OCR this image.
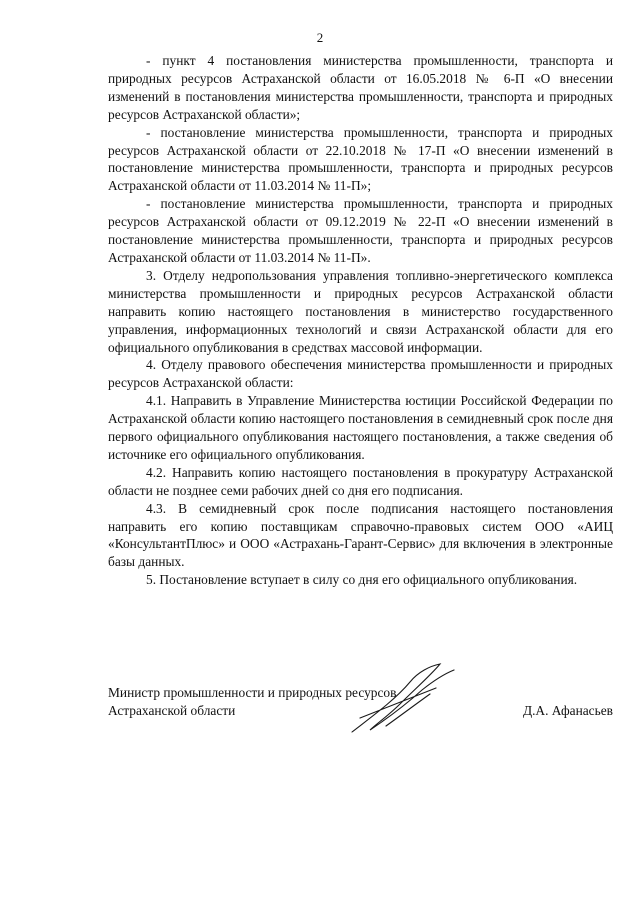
2

- пункт 4 постановления министерства промышленности, транспорта и природных ресурсов Астраханской области от 16.05.2018 № 6-П «О внесении изменений в постановления министерства промышленности, транспорта и природных ресурсов Астраханской области»;

- постановление министерства промышленности, транспорта и природных ресурсов Астраханской области от 22.10.2018 № 17-П «О внесении изменений в постановление министерства промышленности, транспорта и природных ресурсов Астраханской области от 11.03.2014 № 11-П»;

- постановление министерства промышленности, транспорта и природных ресурсов Астраханской области от 09.12.2019 № 22-П «О внесении изменений в постановление министерства промышленности, транспорта и природных ресурсов Астраханской области от 11.03.2014 № 11-П».

3. Отделу недропользования управления топливно-энергетического комплекса министерства промышленности и природных ресурсов Астраханской области направить копию настоящего постановления в министерство государственного управления, информационных технологий и связи Астраханской области для его официального опубликования в средствах массовой информации.

4. Отделу правового обеспечения министерства промышленности и природных ресурсов Астраханской области:

4.1. Направить в Управление Министерства юстиции Российской Федерации по Астраханской области копию настоящего постановления в семидневный срок после дня первого официального опубликования настоящего постановления, а также сведения об источнике его официального опубликования.

4.2. Направить копию настоящего постановления в прокуратуру Астраханской области не позднее семи рабочих дней со дня его подписания.

4.3. В семидневный срок после подписания настоящего постановления направить его копию поставщикам справочно-правовых систем ООО «АИЦ «КонсультантПлюс» и ООО «Астрахань-Гарант-Сервис» для включения в электронные базы данных.

5. Постановление вступает в силу со дня его официального опубликования.

Министр промышленности и природных ресурсов Астраханской области	Д.А. Афанасьев
